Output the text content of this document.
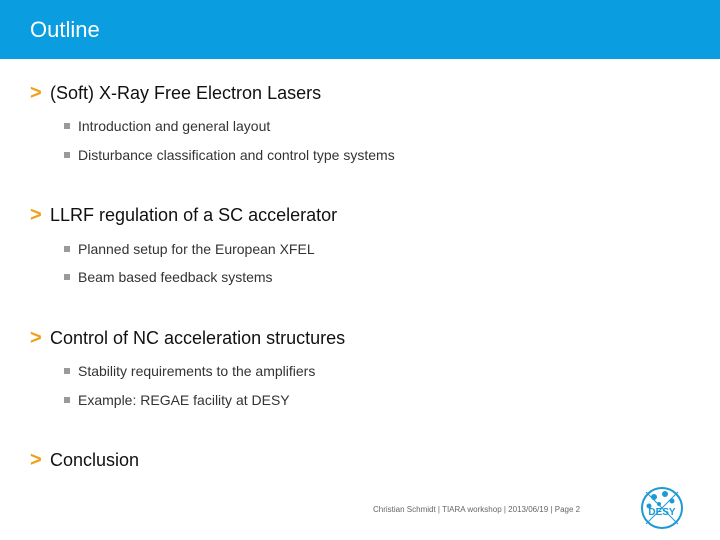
Outline
> (Soft) X-Ray Free Electron Lasers
Introduction and general layout
Disturbance classification and control type systems
> LLRF regulation of a SC accelerator
Planned setup for the European XFEL
Beam based feedback systems
> Control of NC acceleration structures
Stability requirements to the amplifiers
Example: REGAE facility at DESY
> Conclusion
Christian Schmidt | TIARA workshop | 2013/06/19 | Page 2	DESY
